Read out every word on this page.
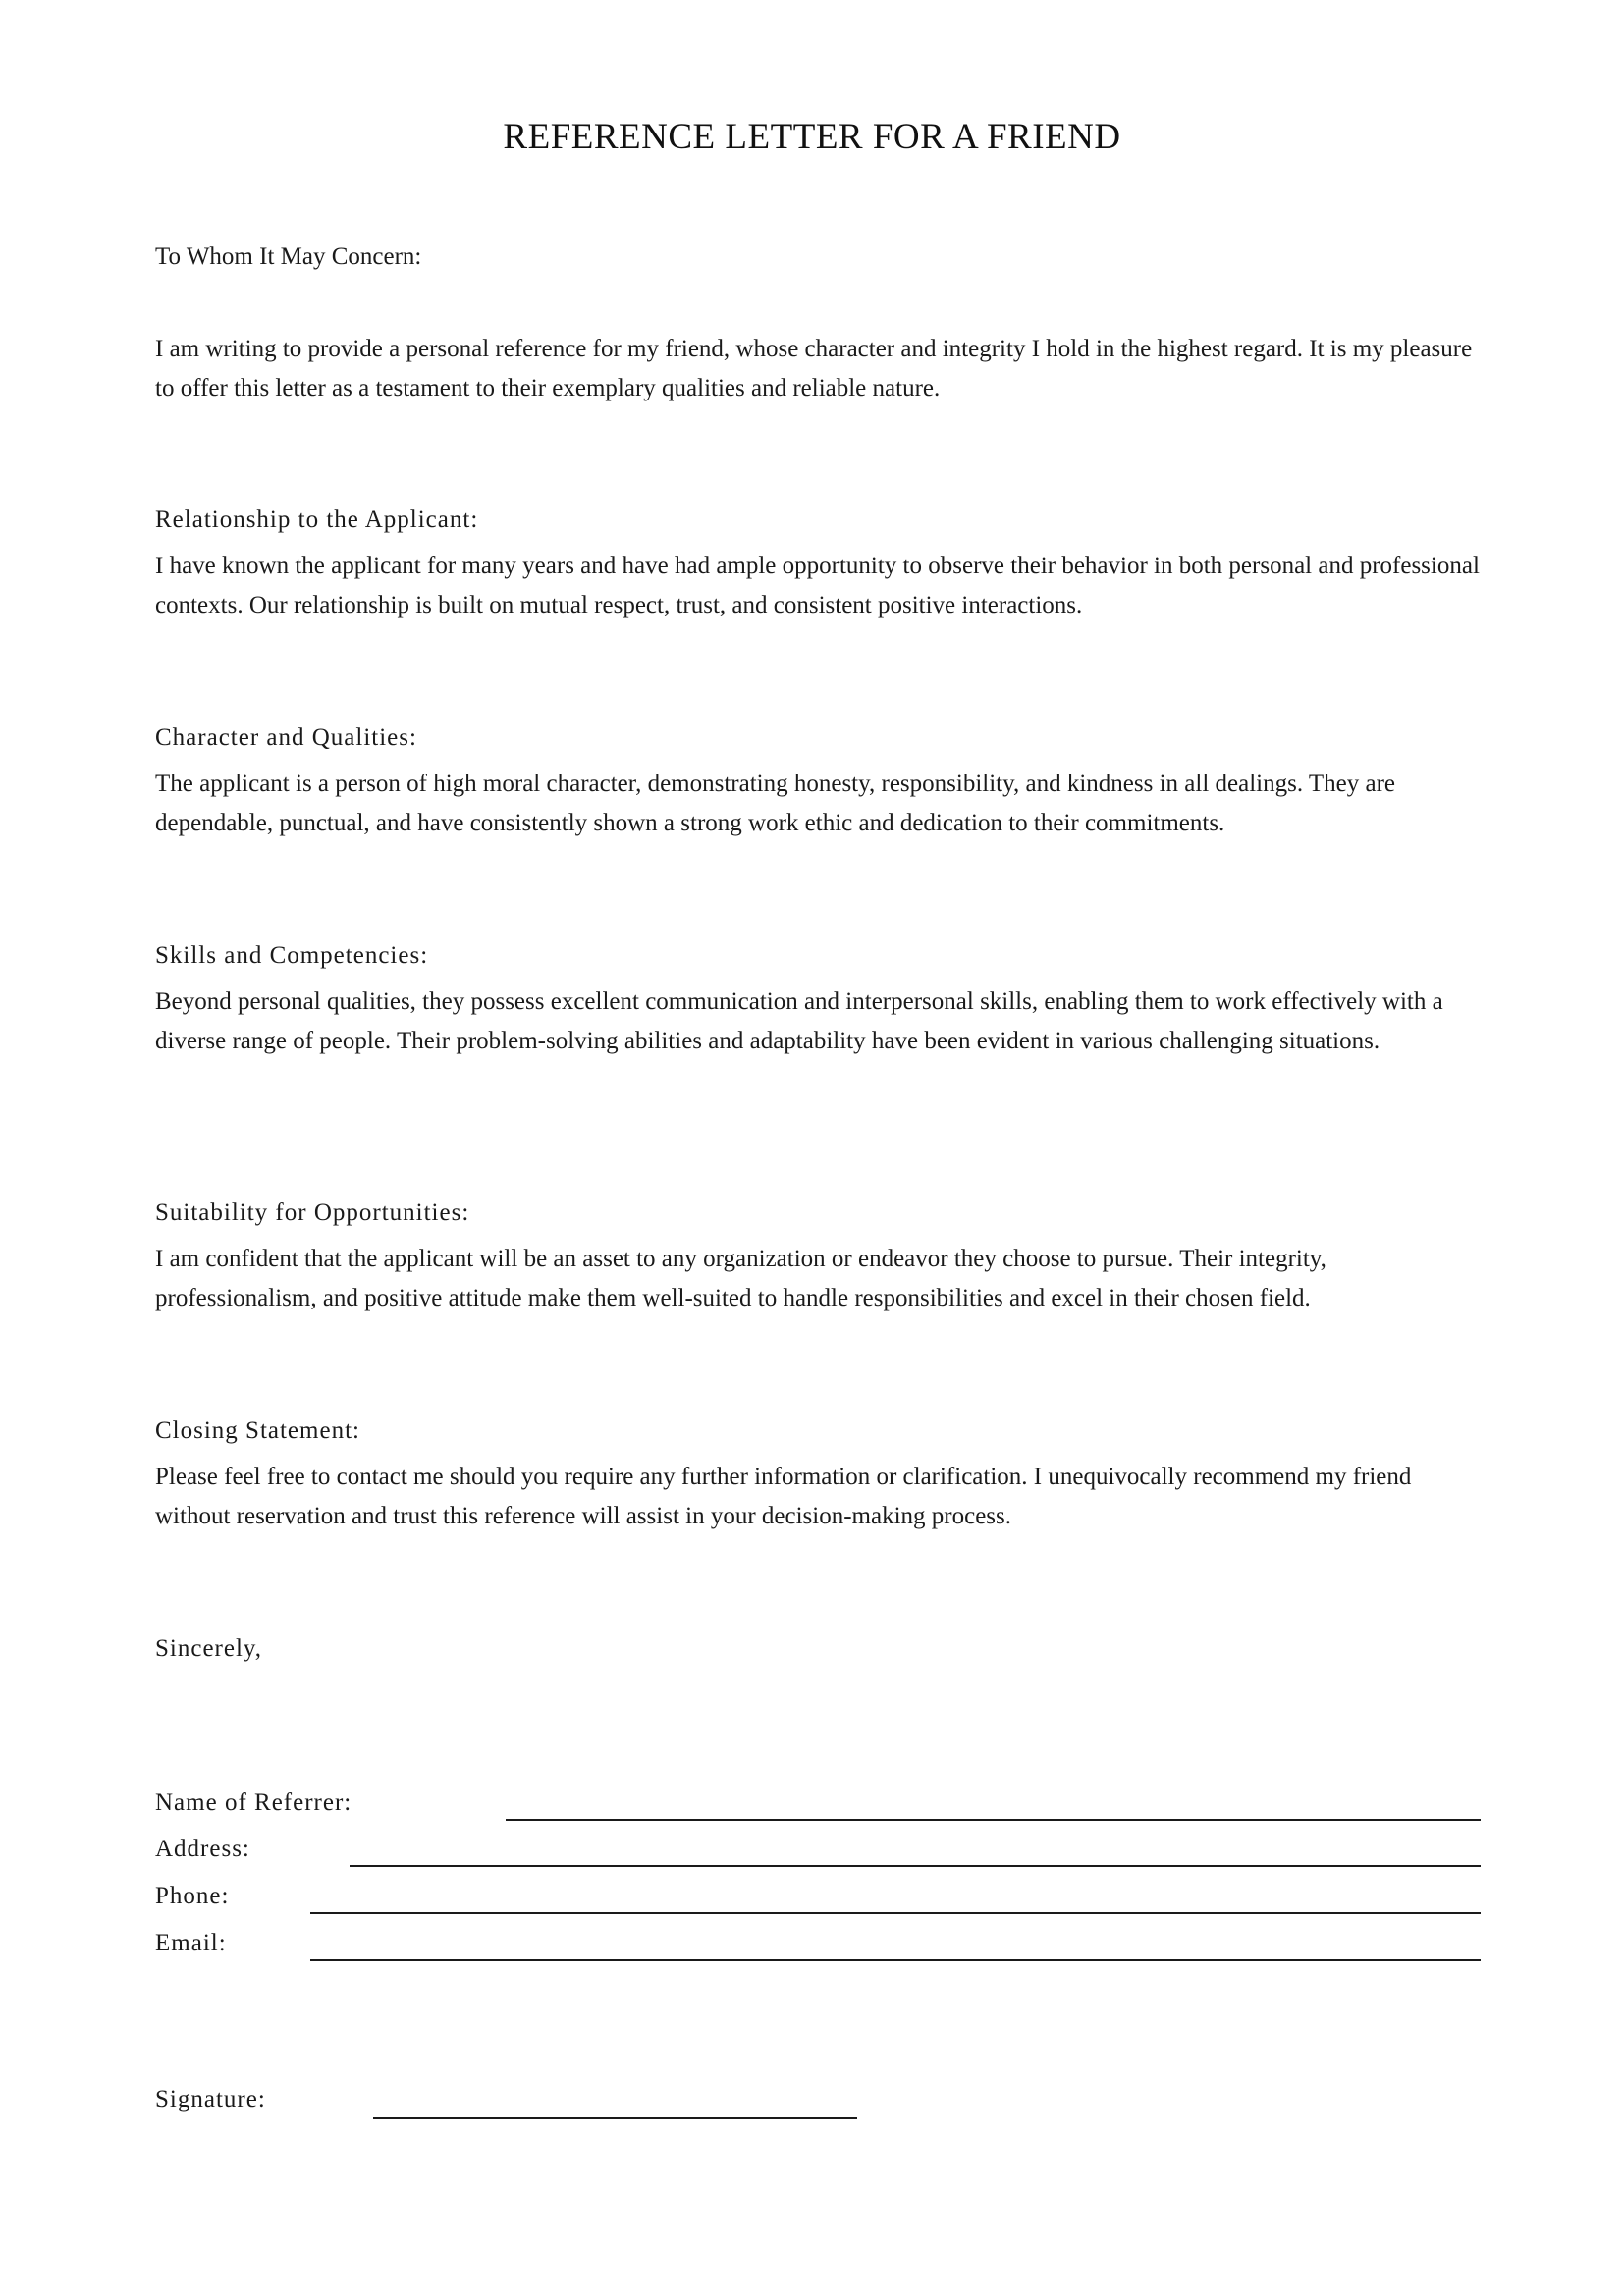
REFERENCE LETTER FOR A FRIEND
To Whom It May Concern:
I am writing to provide a personal reference for my friend, whose character and integrity I hold in the highest regard. It is my pleasure to offer this letter as a testament to their exemplary qualities and reliable nature.
Relationship to the Applicant:
I have known the applicant for many years and have had ample opportunity to observe their behavior in both personal and professional contexts. Our relationship is built on mutual respect, trust, and consistent positive interactions.
Character and Qualities:
The applicant is a person of high moral character, demonstrating honesty, responsibility, and kindness in all dealings. They are dependable, punctual, and have consistently shown a strong work ethic and dedication to their commitments.
Skills and Competencies:
Beyond personal qualities, they possess excellent communication and interpersonal skills, enabling them to work effectively with a diverse range of people. Their problem-solving abilities and adaptability have been evident in various challenging situations.
Suitability for Opportunities:
I am confident that the applicant will be an asset to any organization or endeavor they choose to pursue. Their integrity, professionalism, and positive attitude make them well-suited to handle responsibilities and excel in their chosen field.
Closing Statement:
Please feel free to contact me should you require any further information or clarification. I unequivocally recommend my friend without reservation and trust this reference will assist in your decision-making process.
Sincerely,
Name of Referrer:
Address:
Phone:
Email:
Signature:
